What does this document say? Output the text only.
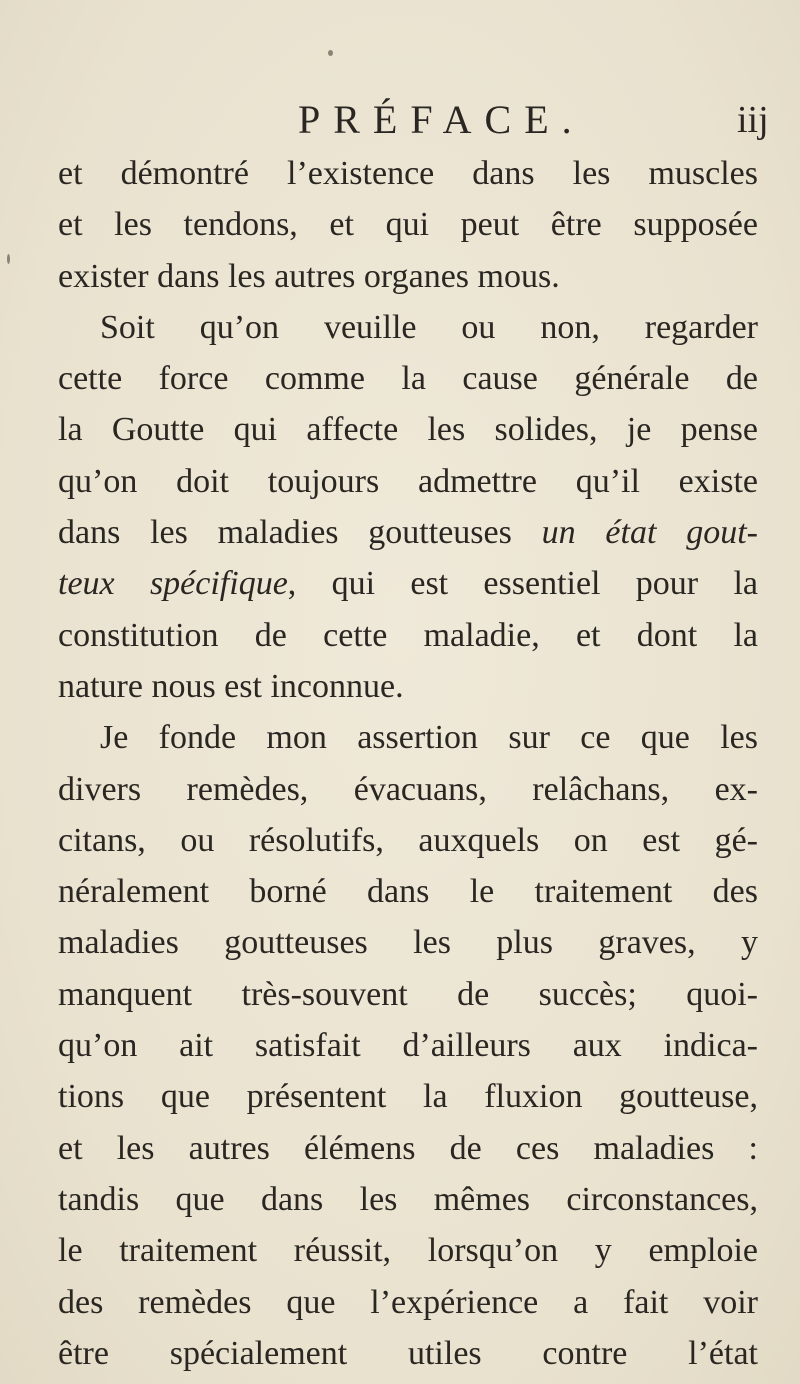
PRÉFACE.	iij
et démontré l’existence dans les muscles
et les tendons, et qui peut être supposée
exister dans les autres organes mous.
Soit qu’on veuille ou non, regarder
cette force comme la cause générale de
la Goutte qui affecte les solides, je pense
qu’on doit toujours admettre qu’il existe
dans les maladies goutteuses un état gout-
teux spécifique, qui est essentiel pour la
constitution de cette maladie, et dont la
nature nous est inconnue.
Je fonde mon assertion sur ce que les
divers remèdes, évacuans, relâchans, ex-
citans, ou résolutifs, auxquels on est gé-
néralement borné dans le traitement des
maladies goutteuses les plus graves, y
manquent très-souvent de succès; quoi-
qu’on ait satisfait d’ailleurs aux indica-
tions que présentent la fluxion goutteuse,
et les autres élémens de ces maladies :
tandis que dans les mêmes circonstances,
le traitement réussit, lorsqu’on y emploie
des remèdes que l’expérience a fait voir
être spécialement utiles contre l’état
